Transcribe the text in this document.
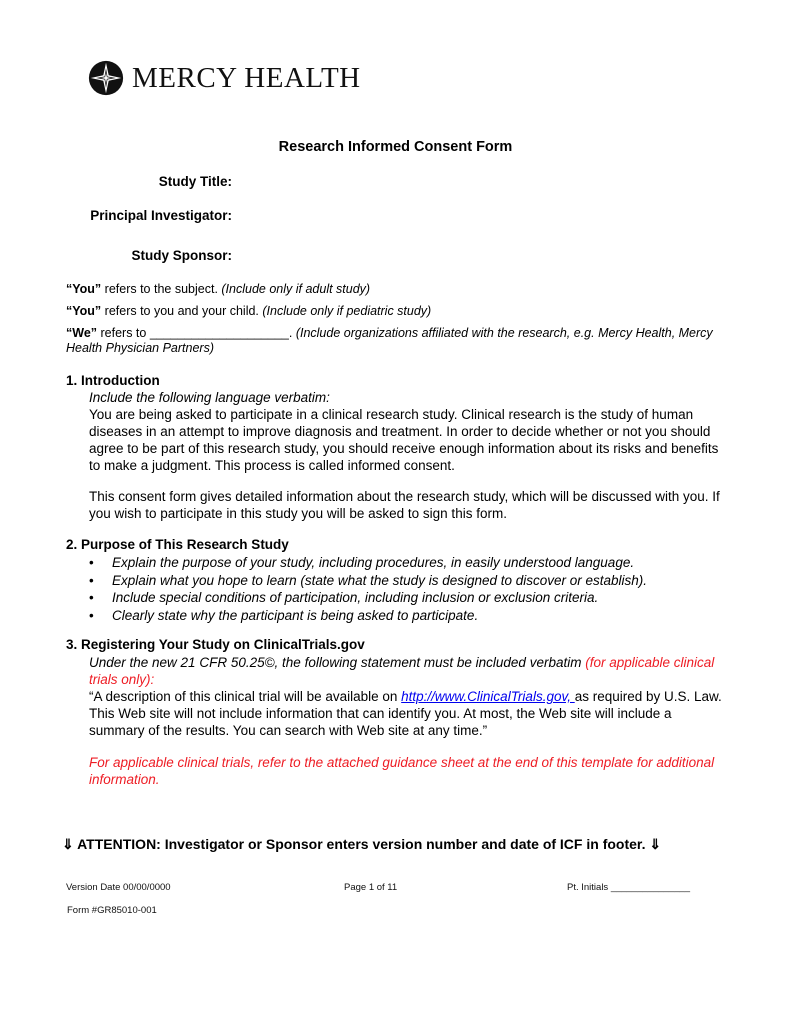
MERCY HEALTH
Research Informed Consent Form
Study Title:
Principal Investigator:
Study Sponsor:
“You” refers to the subject. (Include only if adult study)
“You” refers to you and your child. (Include only if pediatric study)
“We” refers to ____________________. (Include organizations affiliated with the research, e.g. Mercy Health, Mercy Health Physician Partners)
1. Introduction
Include the following language verbatim:
You are being asked to participate in a clinical research study. Clinical research is the study of human diseases in an attempt to improve diagnosis and treatment. In order to decide whether or not you should agree to be part of this research study, you should receive enough information about its risks and benefits to make a judgment. This process is called informed consent.
This consent form gives detailed information about the research study, which will be discussed with you. If you wish to participate in this study you will be asked to sign this form.
2. Purpose of This Research Study
• Explain the purpose of your study, including procedures, in easily understood language.
• Explain what you hope to learn (state what the study is designed to discover or establish).
• Include special conditions of participation, including inclusion or exclusion criteria.
• Clearly state why the participant is being asked to participate.
3. Registering Your Study on ClinicalTrials.gov
Under the new 21 CFR 50.25©, the following statement must be included verbatim (for applicable clinical trials only):
“A description of this clinical trial will be available on http://www.ClinicalTrials.gov, as required by U.S. Law. This Web site will not include information that can identify you. At most, the Web site will include a summary of the results. You can search with Web site at any time.”
For applicable clinical trials, refer to the attached guidance sheet at the end of this template for additional information.
⇓ ATTENTION: Investigator or Sponsor enters version number and date of ICF in footer. ⇓
Version Date 00/00/0000	Page 1 of 11	Pt. Initials _______________
Form #GR85010-001
